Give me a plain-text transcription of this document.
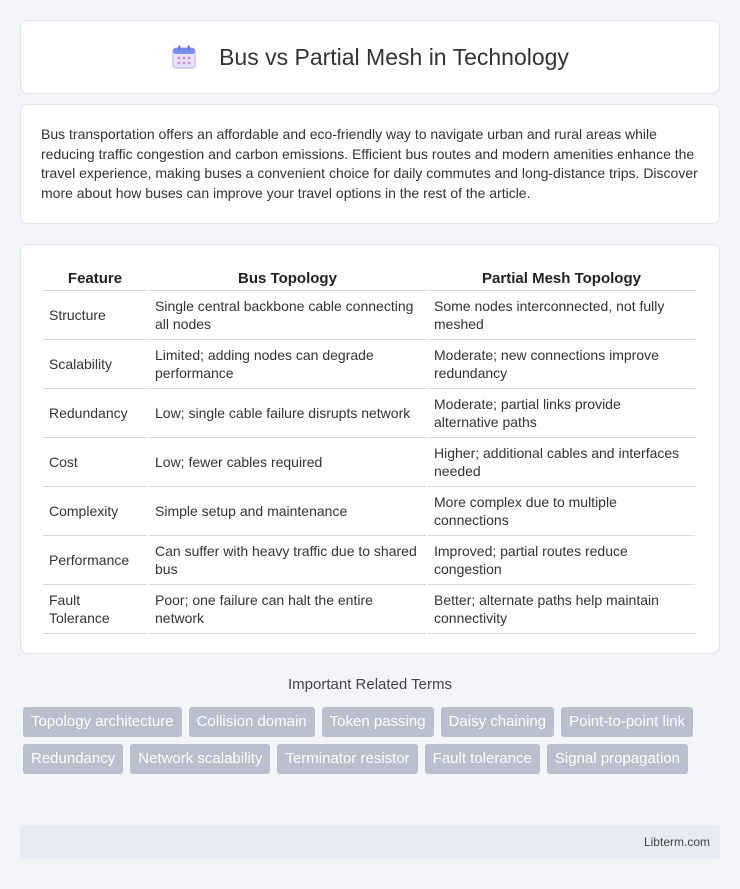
Bus vs Partial Mesh in Technology

Bus transportation offers an affordable and eco-friendly way to navigate urban and rural areas while reducing traffic congestion and carbon emissions. Efficient bus routes and modern amenities enhance the travel experience, making buses a convenient choice for daily commutes and long-distance trips. Discover more about how buses can improve your travel options in the rest of the article.

Feature	Bus Topology	Partial Mesh Topology
Structure	Single central backbone cable connecting all nodes	Some nodes interconnected, not fully meshed
Scalability	Limited; adding nodes can degrade performance	Moderate; new connections improve redundancy
Redundancy	Low; single cable failure disrupts network	Moderate; partial links provide alternative paths
Cost	Low; fewer cables required	Higher; additional cables and interfaces needed
Complexity	Simple setup and maintenance	More complex due to multiple connections
Performance	Can suffer with heavy traffic due to shared bus	Improved; partial routes reduce congestion
Fault Tolerance	Poor; one failure can halt the entire network	Better; alternate paths help maintain connectivity
Important Related Terms
Topology architecture	Collision domain	Token passing	Daisy chaining	Point-to-point link
Redundancy	Network scalability	Terminator resistor	Fault tolerance	Signal propagation
Libterm.com
